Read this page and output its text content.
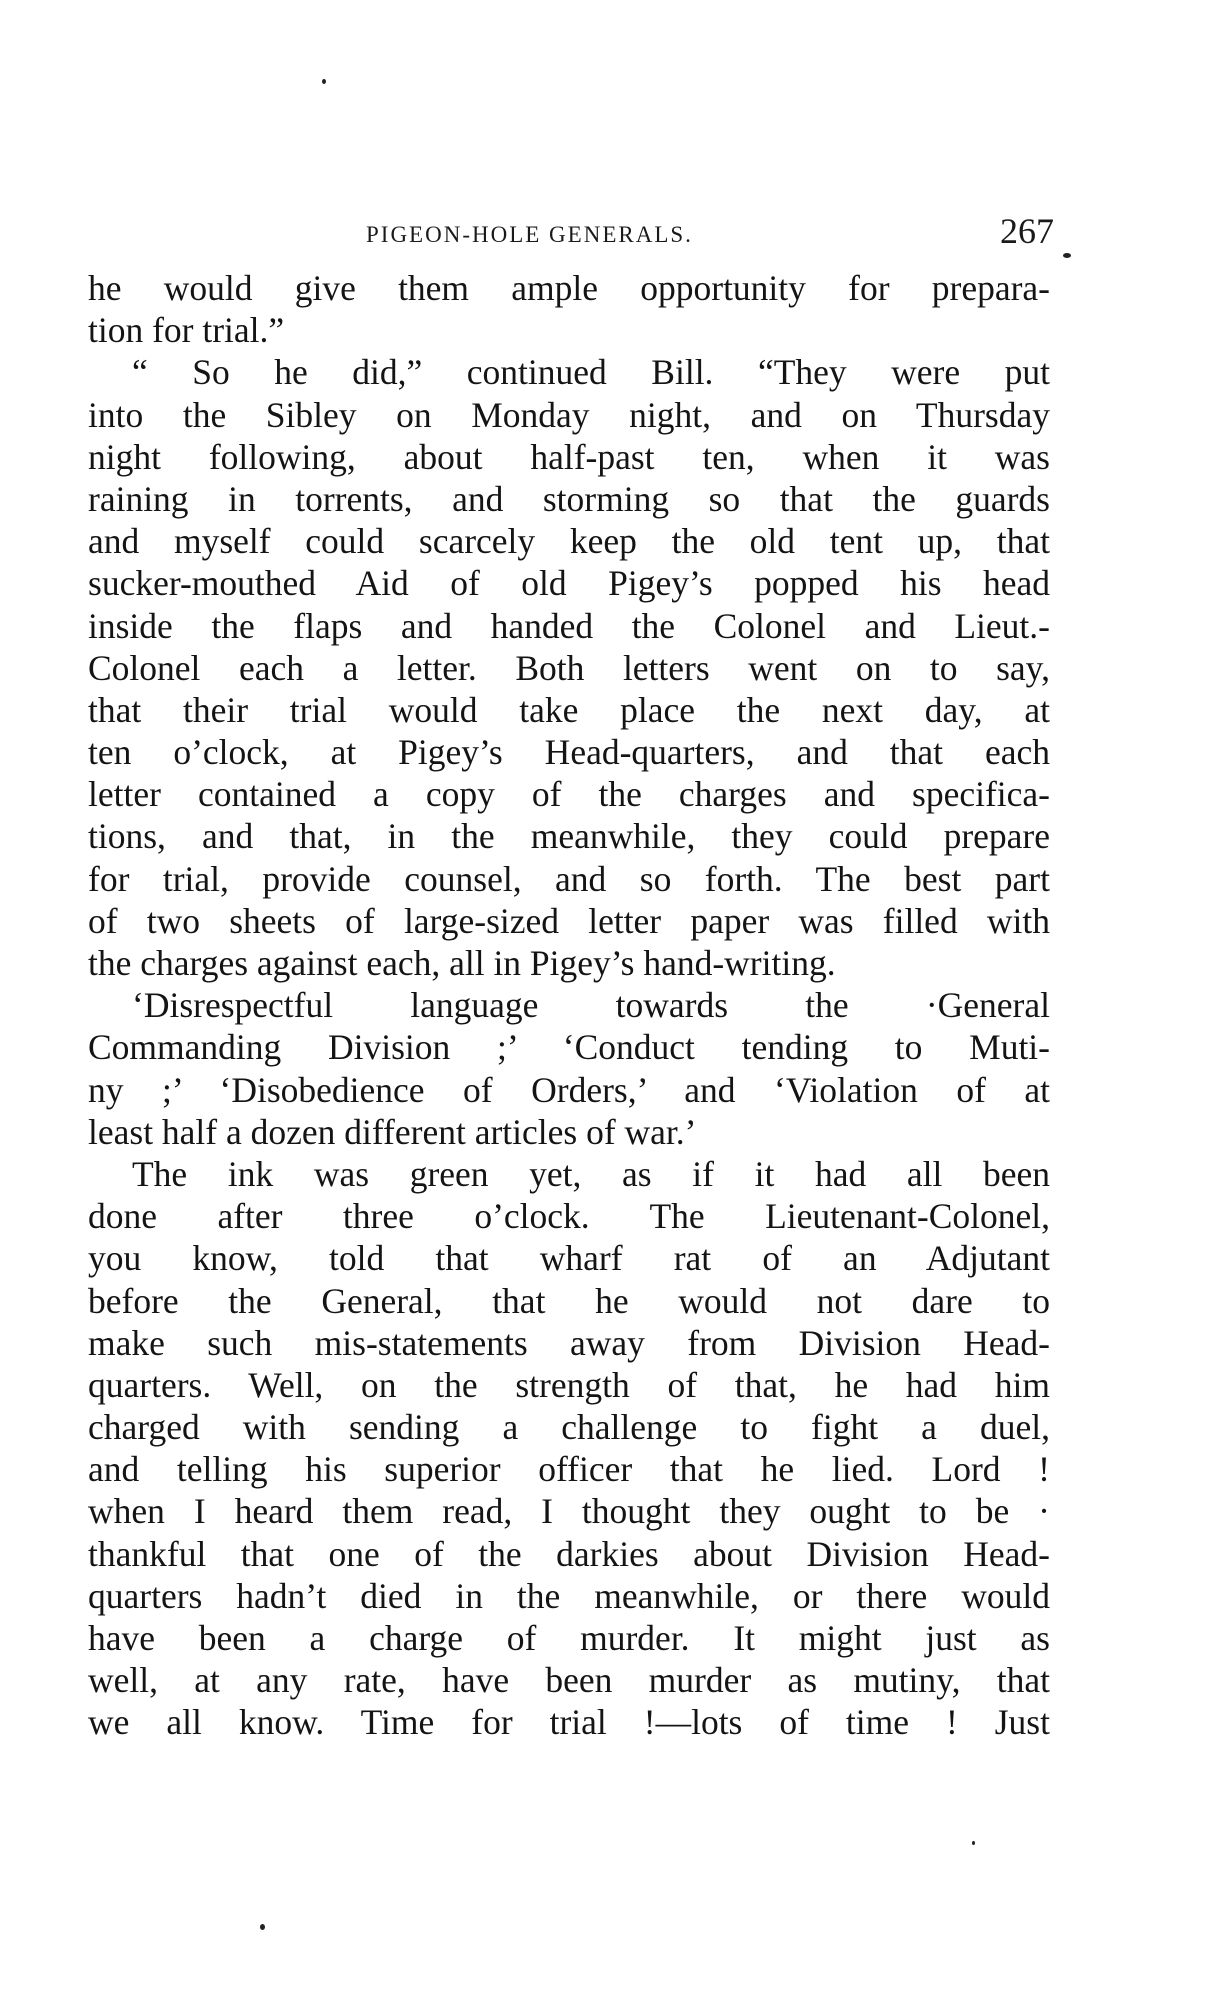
PIGEON-HOLE GENERALS.	267
he would give them ample opportunity for prepara-
tion for trial.”
“ So he did,” continued Bill. “They were put
into the Sibley on Monday night, and on Thursday
night following, about half-past ten, when it was
raining in torrents, and storming so that the guards
and myself could scarcely keep the old tent up, that
sucker-mouthed Aid of old Pigey’s popped his head
inside the flaps and handed the Colonel and Lieut.-
Colonel each a letter. Both letters went on to say,
that their trial would take place the next day, at
ten o’clock, at Pigey’s Head-quarters, and that each
letter contained a copy of the charges and specifica-
tions, and that, in the meanwhile, they could prepare
for trial, provide counsel, and so forth. The best part
of two sheets of large-sized letter paper was filled with
the charges against each, all in Pigey’s hand-writing.
‘Disrespectful language towards the ·General
Commanding Division ;’ ‘Conduct tending to Muti-
ny ;’ ‘Disobedience of Orders,’ and ‘Violation of at
least half a dozen different articles of war.’
The ink was green yet, as if it had all been
done after three o’clock. The Lieutenant-Colonel,
you know, told that wharf rat of an Adjutant
before the General, that he would not dare to
make such mis-statements away from Division Head-
quarters. Well, on the strength of that, he had him
charged with sending a challenge to fight a duel,
and telling his superior officer that he lied. Lord !
when I heard them read, I thought they ought to be ·
thankful that one of the darkies about Division Head-
quarters hadn’t died in the meanwhile, or there would
have been a charge of murder. It might just as
well, at any rate, have been murder as mutiny, that
we all know. Time for trial !—lots of time ! Just
